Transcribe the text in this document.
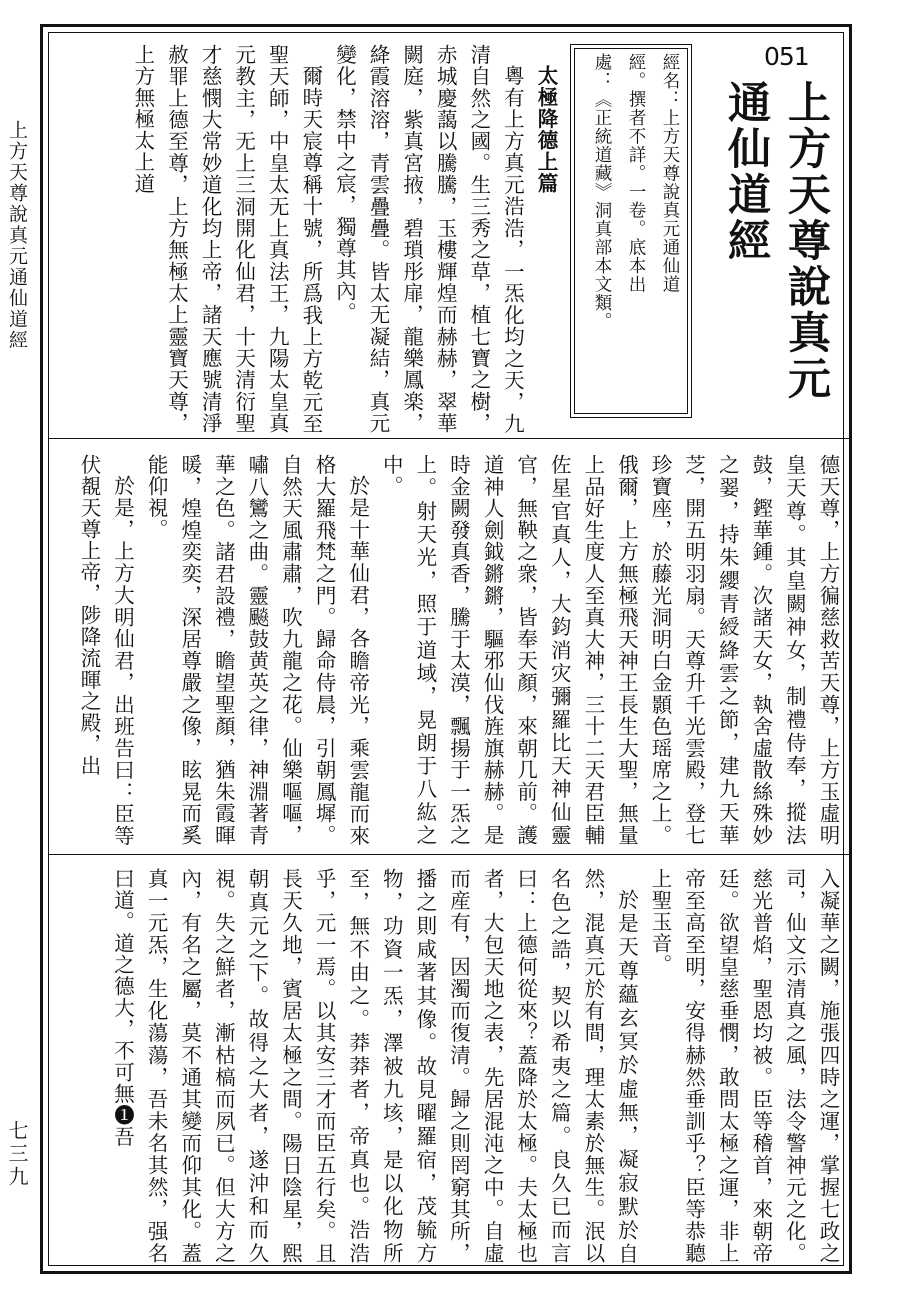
上方天尊說真元通仙道經
七三九
051
上方天尊說真元通仙道經

經名：上方天尊說真元通仙道

經。撰者不詳。一卷。底本出

處：《正統道藏》洞真部本文類。

太極降德上篇

粵有上方真元浩浩，一炁化均之天，九清自然之國。生三秀之草，植七寶之樹，赤城慶藹以騰騰，玉樓輝煌而赫赫，翠華闕庭，紫真宮掖，碧瑣彤扉，龍樂鳳楽，絳霞溶溶，青雲疊疊。皆太无凝結，真元變化，禁中之宸，獨尊其內。

爾時天宸尊稱十號，所爲我上方乾元至聖天師，中皇太无上真法王，九陽太皇真元教主，无上三洞開化仙君，十天清衍聖才慈憫大常妙道化均上帝，諸天應號清淨赦罪上德至尊，上方無極太上靈寶天尊，上方無極太上道

德天尊，上方徧慈救苦天尊，上方玉虛明皇天尊。其皇闕神女，制禮侍奉，摐法鼓，鏗華鍾。次諸天女，執舍虛散絲殊妙之翣，持朱纓青綬絳雲之節，建九天華芝，開五明羽扇。天尊升千光雲殿，登七珍寶座，於藤光洞明白金顥色瑶席之上。俄爾，上方無極飛天神王長生大聖，無量上品好生度人至真大神，三十二天君臣輔佐星官真人，大鈞消灾彌羅比天神仙靈官，無鞅之衆，皆奉天顏，來朝几前。護道神人劍鉞鏘鏘，驅邪仙伐旌旗赫赫。是時金闕發真香，騰于太漠，飄揚于一炁之上。射天光，照于道域，晃朗于八紘之中。

於是十華仙君，各瞻帝光，乘雲龍而來格大羅飛梵之門。歸命侍晨，引朝鳳墀。自然天風肅肅，吹九龍之花。仙樂嘔嘔，嘯八鸞之曲。靈飈鼓黄英之律，神淵著青華之色。諸君設禮，瞻望聖顏，猶朱霞暉暖，煌煌奕奕，深居尊嚴之像，眩晃而奚能仰視。

於是，上方大明仙君，出班告曰：臣等伏覩天尊上帝，陟降流暉之殿，出

入凝華之闕，施張四時之運，掌握七政之司，仙文示清真之風，法令警神元之化。慈光普焰，聖恩均被。臣等稽首，來朝帝廷。欲望皇慈垂憫，敢問太極之運，非上帝至高至明，安得赫然垂訓乎？臣等恭聽上聖玉音。

於是天尊蘊玄冥於虛無，凝寂默於自然，混真元於有間，理太素於無生。泯以名色之誥，契以希夷之篇。良久已而言曰：上德何從來？蓋降於太極。夫太極也者，大包天地之表，先居混沌之中。自虛而産有，因濁而復清。歸之則罔窮其所，播之則咸著其像。故見曜羅宿，茂毓方物，功資一炁，澤被九垓，是以化物所至，無不由之。莽莽者，帝真也。浩浩乎，元一焉。以其安三才而臣五行矣。且長天久地，賓居太極之間。陽日陰星，熙朝真元之下。故得之大者，遂沖和而久視。失之鮮者，漸枯槁而夙已。但大方之內，有名之屬，莫不通其變而仰其化。蓋真一元炁，生化蕩蕩，吾未名其然，强名曰道。道之德大，不可無❶吾
